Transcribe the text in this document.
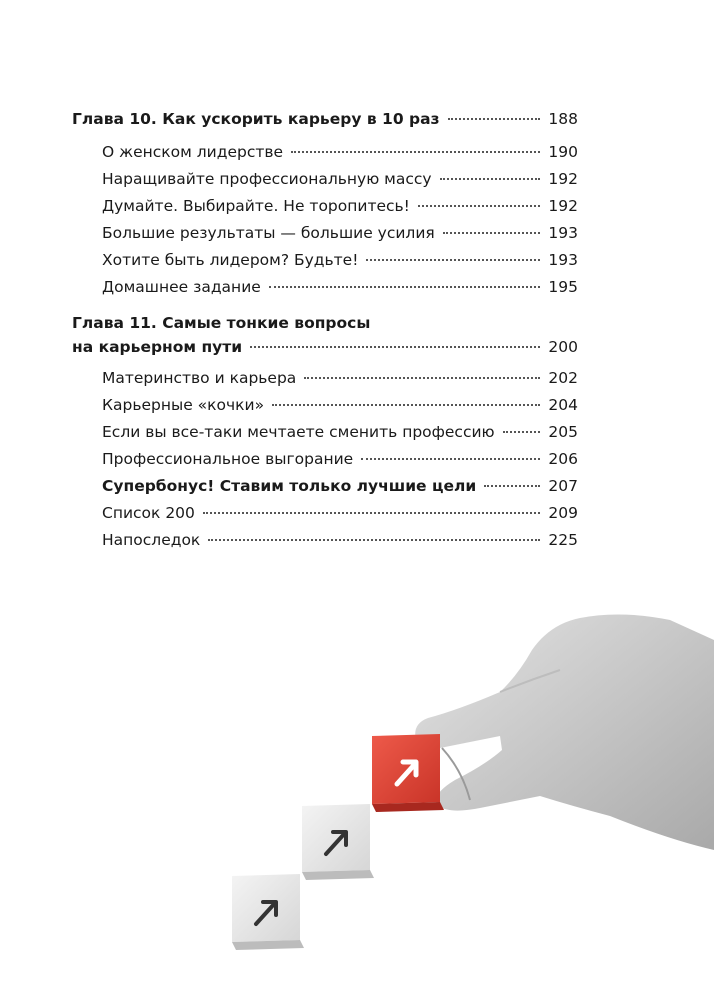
Глава 10. Как ускорить карьеру в 10 раз	188
О женском лидерстве	190
Наращивайте профессиональную массу	192
Думайте. Выбирайте. Не торопитесь!	192
Большие результаты — большие усилия	193
Хотите быть лидером? Будьте!	193
Домашнее задание	195
Глава 11. Самые тонкие вопросы
на карьерном пути	200
Материнство и карьера	202
Карьерные «кочки»	204
Если вы все-таки мечтаете сменить профессию	205
Профессиональное выгорание	206
Супербонус! Ставим только лучшие цели	207
Список 200	209
Напоследок	225
